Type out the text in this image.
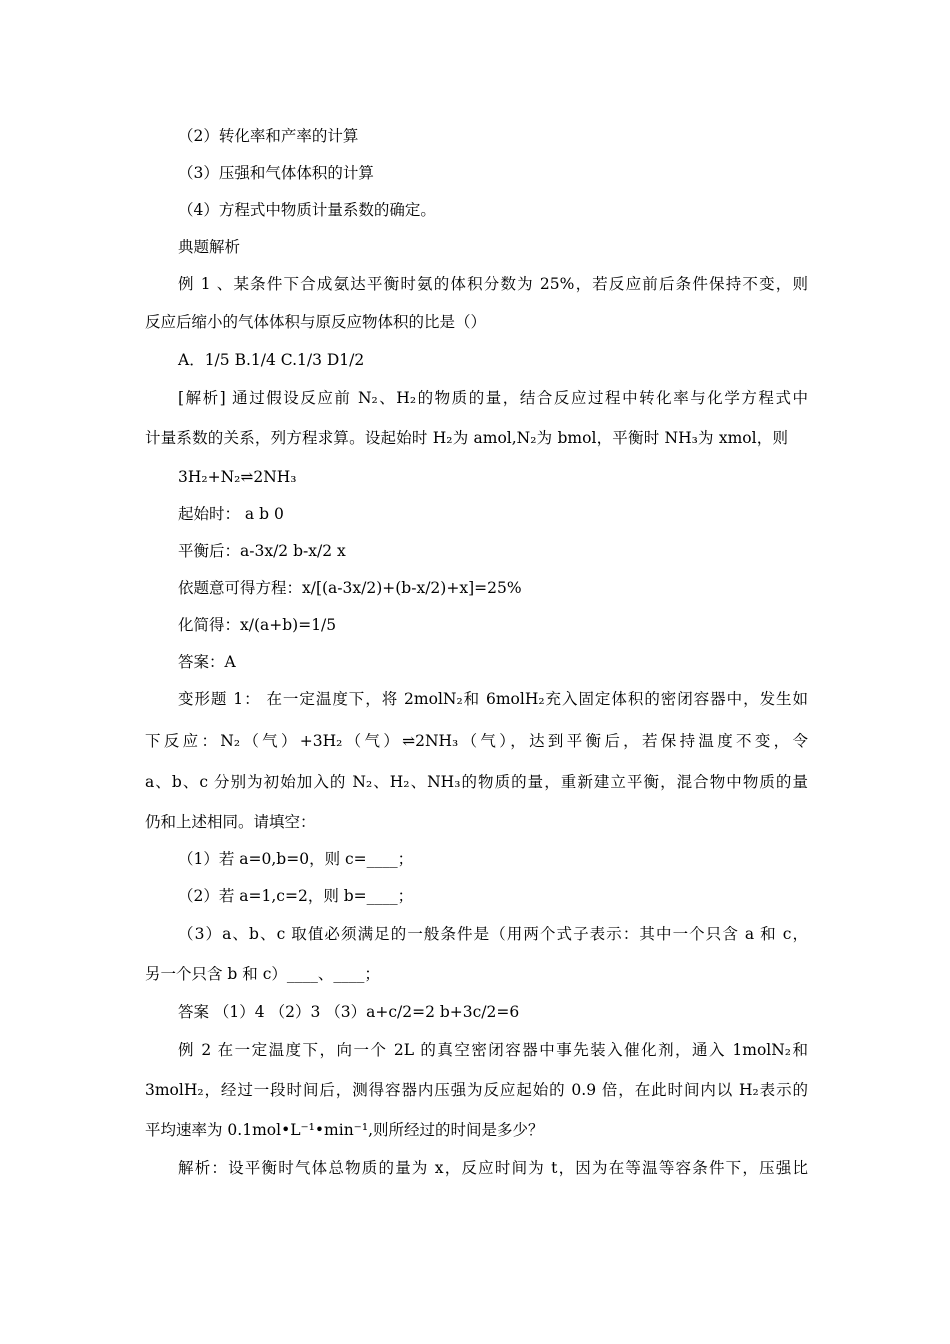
（2）转化率和产率的计算
（3）压强和气体体积的计算
（4）方程式中物质计量系数的确定。
典题解析
例 1 、某条件下合成氨达平衡时氨的体积分数为 25%，若反应前后条件保持不变，则
反应后缩小的气体体积与原反应物体积的比是（）
A．1/5 B.1/4 C.1/3 D1/2
[解析] 通过假设反应前 N₂、H₂的物质的量，结合反应过程中转化率与化学方程式中
计量系数的关系，列方程求算。设起始时 H₂为 amol,N₂为 bmol，平衡时 NH₃为 xmol，则
3H₂+N₂⇌2NH₃
起始时： a b 0
平衡后：a-3x/2 b-x/2 x
依题意可得方程：x/[(a-3x/2)+(b-x/2)+x]=25%
化简得：x/(a+b)=1/5
答案：A
变形题 1： 在一定温度下，将 2molN₂和 6molH₂充入固定体积的密闭容器中，发生如
下反应：N₂（气）+3H₂（气）⇌2NH₃（气），达到平衡后，若保持温度不变，令
a、b、c 分别为初始加入的 N₂、H₂、NH₃的物质的量，重新建立平衡，混合物中物质的量
仍和上述相同。请填空：
（1）若 a=0,b=0，则 c=____；
（2）若 a=1,c=2，则 b=____；
（3）a、b、c 取值必须满足的一般条件是（用两个式子表示：其中一个只含 a 和 c，
另一个只含 b 和 c）____、____；
答案 （1）4 （2）3 （3）a+c/2=2 b+3c/2=6
例 2 在一定温度下，向一个 2L 的真空密闭容器中事先装入催化剂，通入 1molN₂和
3molH₂，经过一段时间后，测得容器内压强为反应起始的 0.9 倍，在此时间内以 H₂表示的
平均速率为 0.1mol•L⁻¹•min⁻¹,则所经过的时间是多少？
解析：设平衡时气体总物质的量为 x，反应时间为 t，因为在等温等容条件下，压强比
